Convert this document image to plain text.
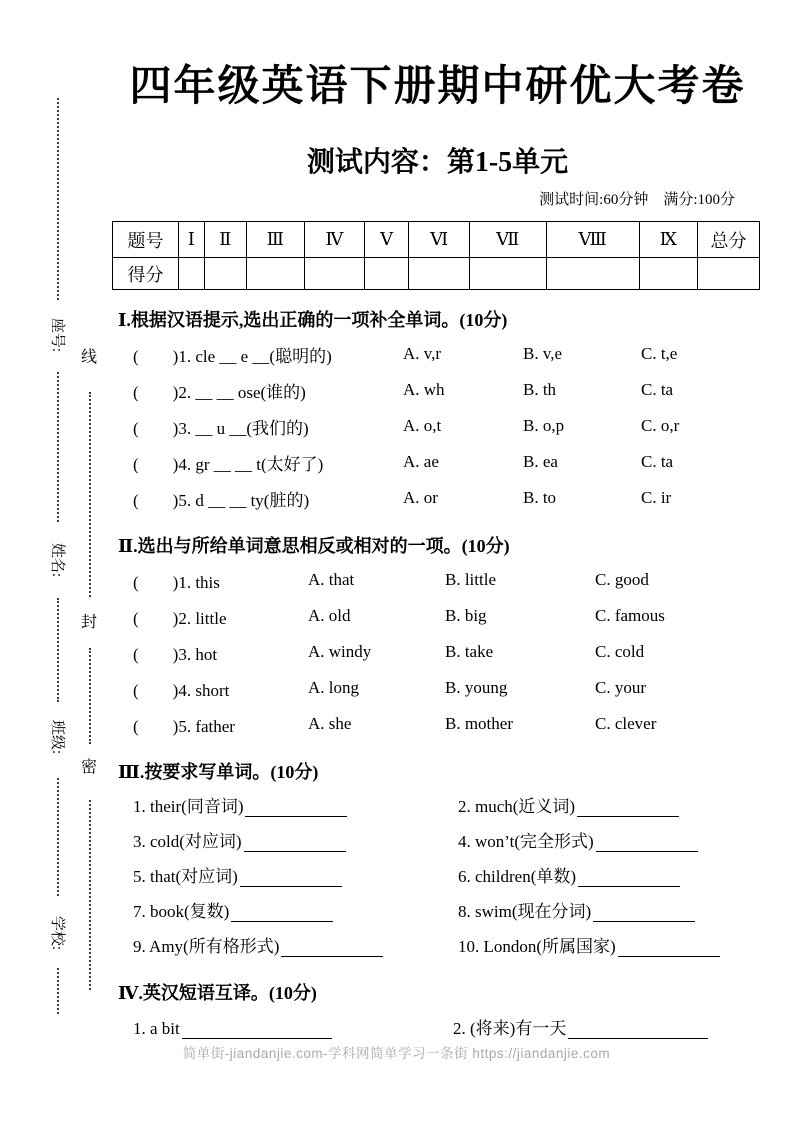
座号:
姓名:
班级:
学校:
线
封
密
四年级英语下册期中研优大考卷
测试内容：第1-5单元
测试时间:60分钟　满分:100分
题号	Ⅰ	Ⅱ	Ⅲ	Ⅳ	Ⅴ	Ⅵ	Ⅶ	Ⅷ	Ⅸ	总分
得分										
Ⅰ.根据汉语提示,选出正确的一项补全单词。(10分)
(　　)1. cle __ e __(聪明的)	A. v,r	B. v,e	C. t,e
(　　)2. __ __ ose(谁的)	A. wh	B. th	C. ta
(　　)3. __ u __(我们的)	A. o,t	B. o,p	C. o,r
(　　)4. gr __ __ t(太好了)	A. ae	B. ea	C. ta
(　　)5. d __ __ ty(脏的)	A. or	B. to	C. ir
Ⅱ.选出与所给单词意思相反或相对的一项。(10分)
(　　)1. this	A. that	B. little	C. good
(　　)2. little	A. old	B. big	C. famous
(　　)3. hot	A. windy	B. take	C. cold
(　　)4. short	A. long	B. young	C. your
(　　)5. father	A. she	B. mother	C. clever
Ⅲ.按要求写单词。(10分)
1. their(同音词)	2. much(近义词)
3. cold(对应词)	4. won’t(完全形式)
5. that(对应词)	6. children(单数)
7. book(复数)	8. swim(现在分词)
9. Amy(所有格形式)	10. London(所属国家)
Ⅳ.英汉短语互译。(10分)
1. a bit	2. (将来)有一天
简单街-jiandanjie.com-学科网简单学习一条街 https://jiandanjie.com
